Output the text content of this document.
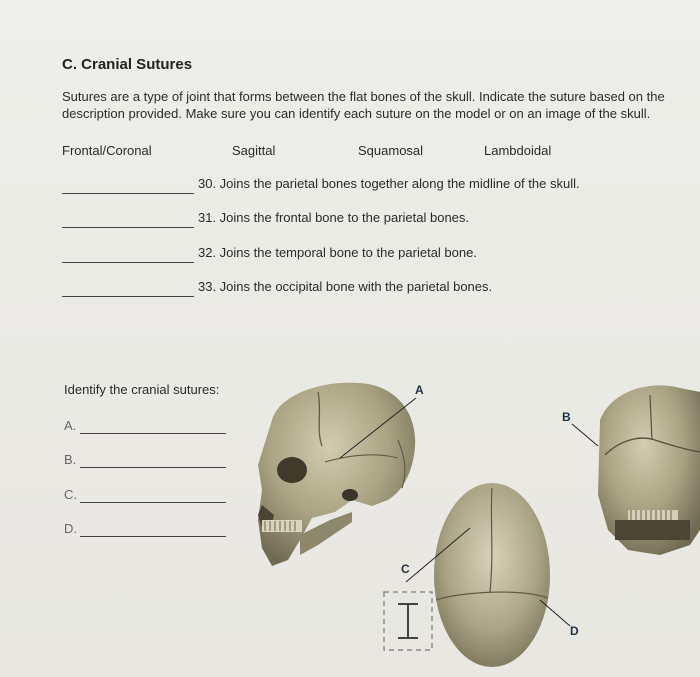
C. Cranial Sutures
Sutures are a type of joint that forms between the flat bones of the skull. Indicate the suture based on the description provided. Make sure you can identify each suture on the model or on an image of the skull.
Frontal/Coronal	Sagittal	Squamosal	Lambdoidal
30. Joins the parietal bones together along the midline of the skull.
31. Joins the frontal bone to the parietal bones.
32. Joins the temporal bone to the parietal bone.
33. Joins the occipital bone with the parietal bones.
Identify the cranial sutures:
A.
B.
C.
D.
A
B
C
D
